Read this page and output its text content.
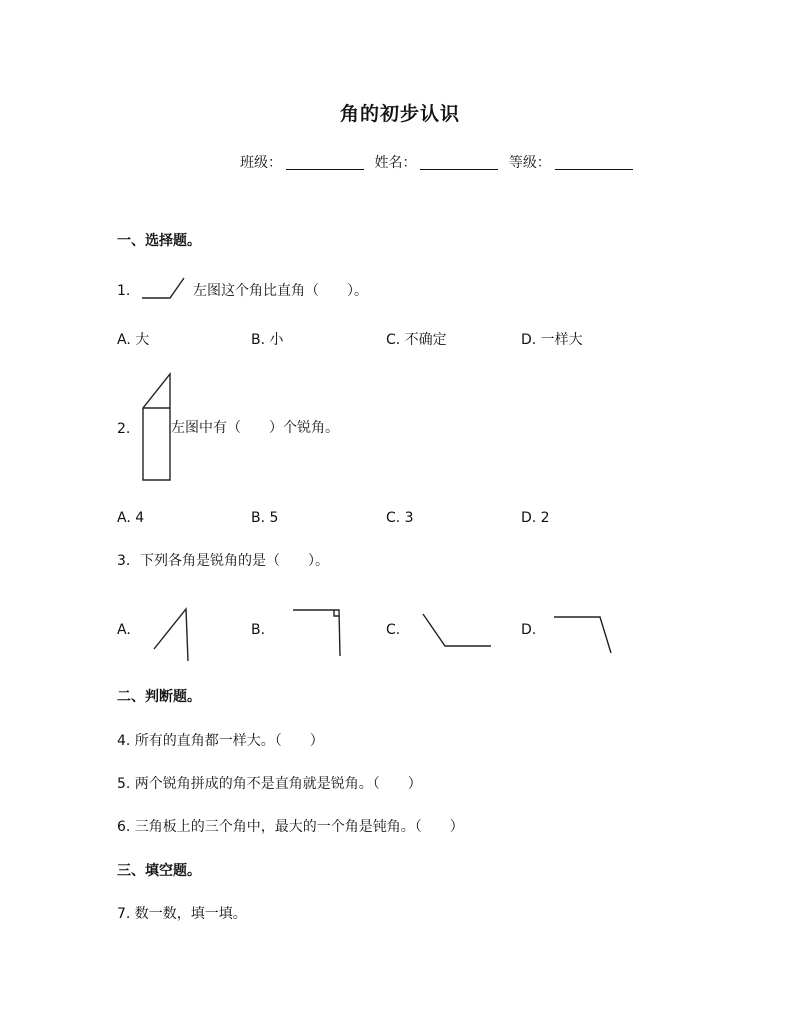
角的初步认识
班级：	姓名：	等级：
一、选择题。
1.	左图这个角比直角（　　）。
A. 大	B. 小	C. 不确定	D. 一样大
2.	左图中有（　　）个锐角。
A. 4	B. 5	C. 3	D. 2
3. 下列各角是锐角的是（　　）。
A.	B.	C.	D.
二、判断题。
4. 所有的直角都一样大。（　　）
5. 两个锐角拼成的角不是直角就是锐角。（　　）
6. 三角板上的三个角中，最大的一个角是钝角。（　　）
三、填空题。
7. 数一数，填一填。
